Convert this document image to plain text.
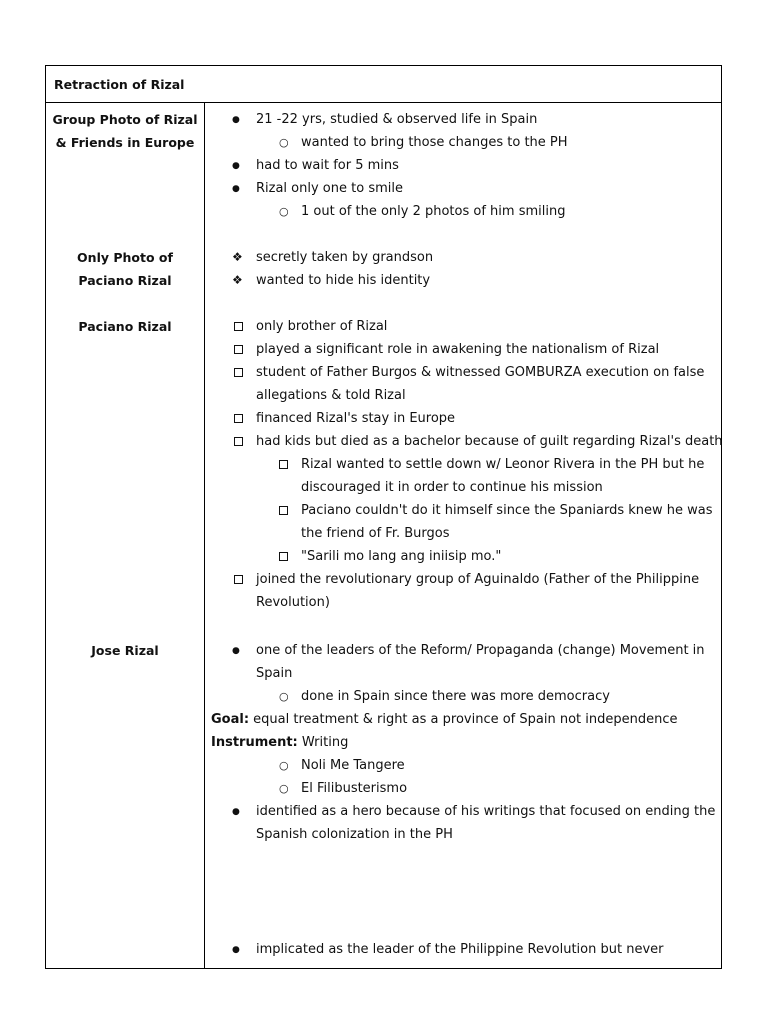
Retraction of Rizal
Group Photo of Rizal
& Friends in Europe
●
21 -22 yrs, studied & observed life in Spain
○
wanted to bring those changes to the PH
●
had to wait for 5 mins
●
Rizal only one to smile
○
1 out of the only 2 photos of him smiling
Only Photo of
Paciano Rizal
❖
secretly taken by grandson
❖
wanted to hide his identity
Paciano Rizal	only brother of Rizal
played a significant role in awakening the nationalism of Rizal
student of Father Burgos & witnessed GOMBURZA execution on false
allegations & told Rizal
financed Rizal's stay in Europe
had kids but died as a bachelor because of guilt regarding Rizal's death
Rizal wanted to settle down w/ Leonor Rivera in the PH but he
discouraged it in order to continue his mission
Paciano couldn't do it himself since the Spaniards knew he was
the friend of Fr. Burgos
"Sarili mo lang ang iniisip mo."
joined the revolutionary group of Aguinaldo (Father of the Philippine
Revolution)
Jose Rizal
●	one of the leaders of the Reform/ Propaganda (change) Movement in
Spain
○
done in Spain since there was more democracy
Goal: equal treatment & right as a province of Spain not independence
Instrument: Writing
○
Noli Me Tangere
○
El Filibusterismo
●
identified as a hero because of his writings that focused on ending the
Spanish colonization in the PH
●
implicated as the leader of the Philippine Revolution but never
